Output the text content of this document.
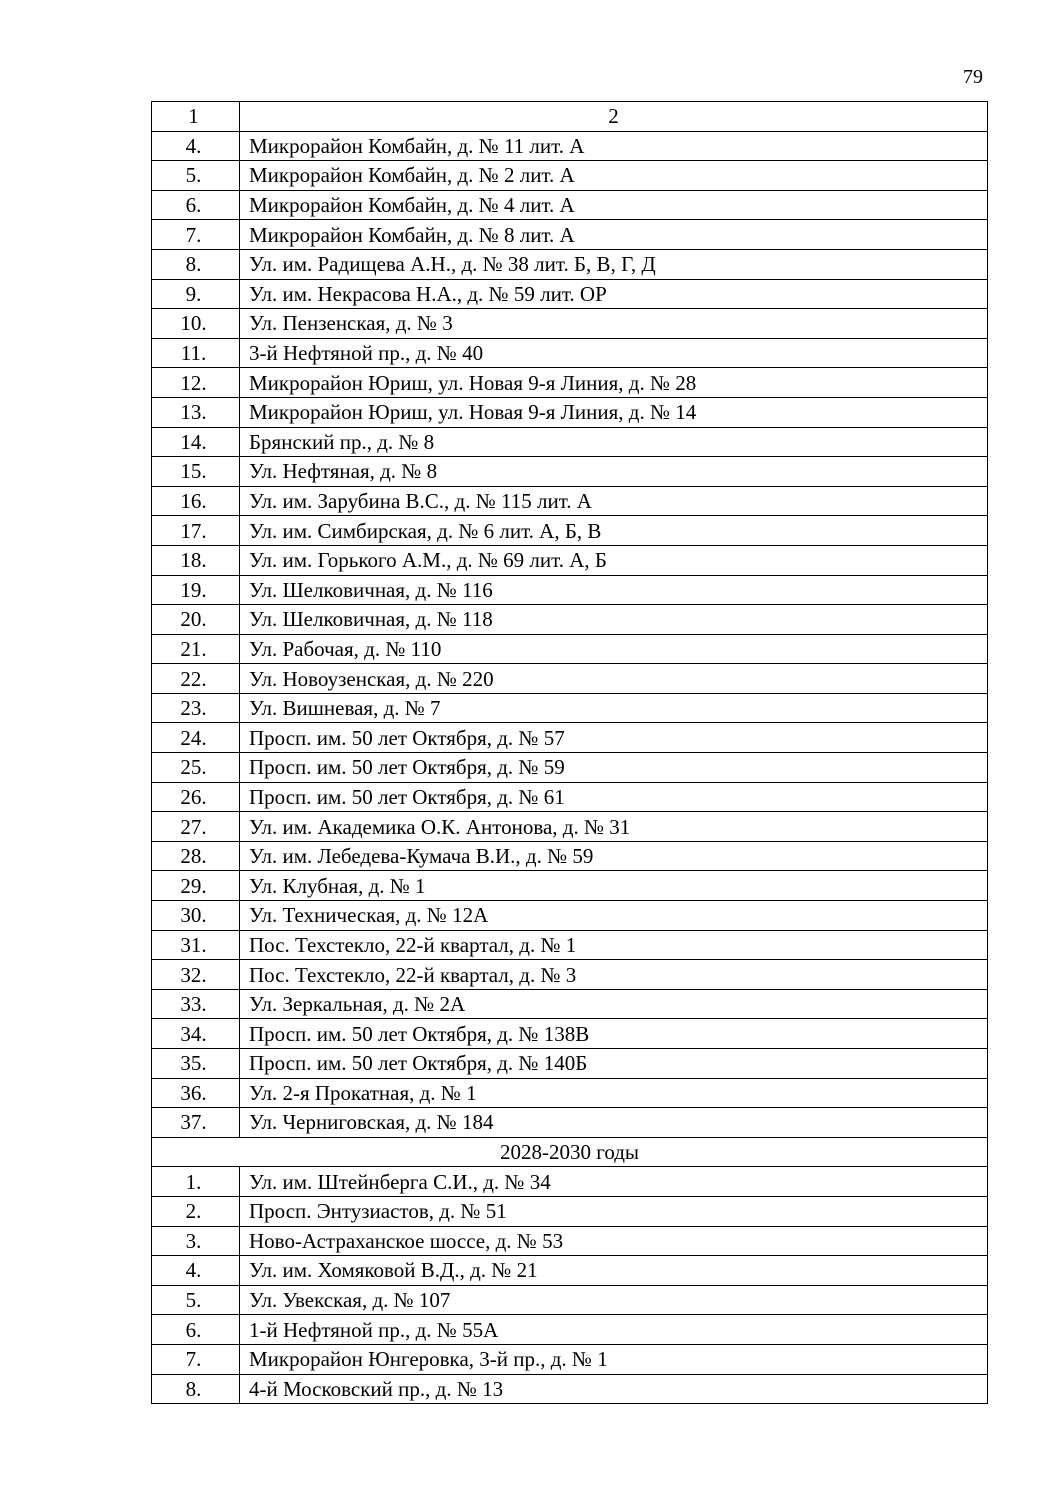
79
1	2
4.	Микрорайон Комбайн, д. № 11 лит. А
5.	Микрорайон Комбайн, д. № 2 лит. А
6.	Микрорайон Комбайн, д. № 4 лит. А
7.	Микрорайон Комбайн, д. № 8 лит. А
8.	Ул. им. Радищева А.Н., д. № 38 лит. Б, В, Г, Д
9.	Ул. им. Некрасова Н.А., д. № 59 лит. ОР
10.	Ул. Пензенская, д. № 3
11.	3-й Нефтяной пр., д. № 40
12.	Микрорайон Юриш, ул. Новая 9-я Линия, д. № 28
13.	Микрорайон Юриш, ул. Новая 9-я Линия, д. № 14
14.	Брянский пр., д. № 8
15.	Ул. Нефтяная, д. № 8
16.	Ул. им. Зарубина В.С., д. № 115 лит. А
17.	Ул. им. Симбирская, д. № 6 лит. А, Б, В
18.	Ул. им. Горького А.М., д. № 69 лит. А, Б
19.	Ул. Шелковичная, д. № 116
20.	Ул. Шелковичная, д. № 118
21.	Ул. Рабочая, д. № 110
22.	Ул. Новоузенская, д. № 220
23.	Ул. Вишневая, д. № 7
24.	Просп. им. 50 лет Октября, д. № 57
25.	Просп. им. 50 лет Октября, д. № 59
26.	Просп. им. 50 лет Октября, д. № 61
27.	Ул. им. Академика О.К. Антонова, д. № 31
28.	Ул. им. Лебедева-Кумача В.И., д. № 59
29.	Ул. Клубная, д. № 1
30.	Ул. Техническая, д. № 12А
31.	Пос. Техстекло, 22-й квартал, д. № 1
32.	Пос. Техстекло, 22-й квартал, д. № 3
33.	Ул. Зеркальная, д. № 2А
34.	Просп. им. 50 лет Октября, д. № 138В
35.	Просп. им. 50 лет Октября, д. № 140Б
36.	Ул. 2-я Прокатная, д. № 1
37.	Ул. Черниговская, д. № 184
2028-2030 годы	
1.	Ул. им. Штейнберга С.И., д. № 34
2.	Просп. Энтузиастов, д. № 51
3.	Ново-Астраханское шоссе, д. № 53
4.	Ул. им. Хомяковой В.Д., д. № 21
5.	Ул. Увекская, д. № 107
6.	1-й Нефтяной пр., д. № 55А
7.	Микрорайон Юнгеровка, 3-й пр., д. № 1
8.	4-й Московский пр., д. № 13
